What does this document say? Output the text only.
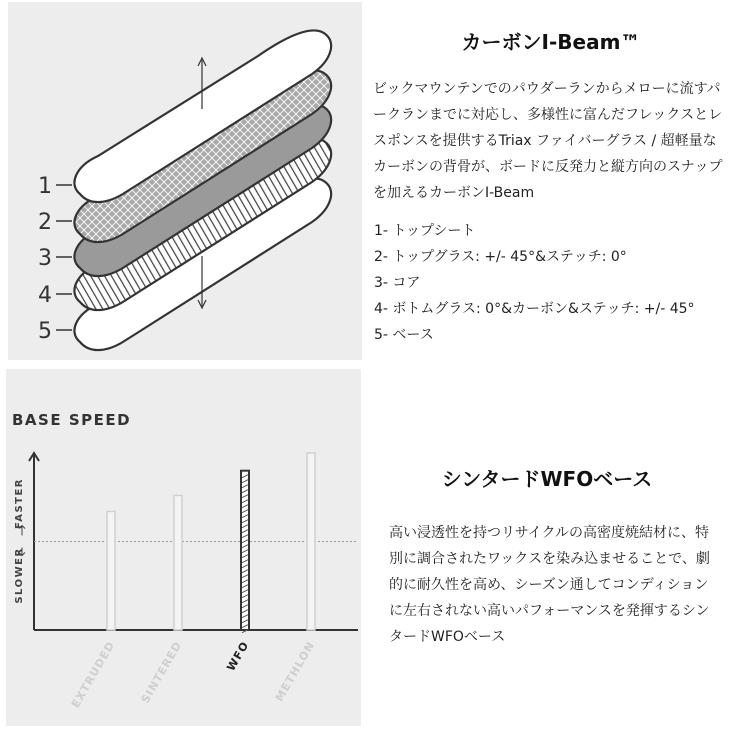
1
2
3
4
5
カーボンI-Beam™
ビックマウンテンでのパウダーランからメローに流すパークランまでに対応し、多様性に富んだフレックスとレスポンスを提供するTriax ファイバーグラス / 超軽量なカーボンの背骨が、ボードに反発力と縦方向のスナップを加えるカーボンI-Beam
1- トップシート
2- トップグラス: +/- 45°&ステッチ: 0°
3- コア
4- ボトムグラス: 0°&カーボン&ステッチ: +/- 45°
5- ベース
BASE SPEED
FASTER
SLOWER
EXTRUDED SINTERED	WFO METHLON
シンタードWFOベース
高い浸透性を持つリサイクルの高密度焼結材に、特別に調合されたワックスを染み込ませることで、劇的に耐久性を高め、シーズン通してコンディションに左右されない高いパフォーマンスを発揮するシンタードWFOベース
